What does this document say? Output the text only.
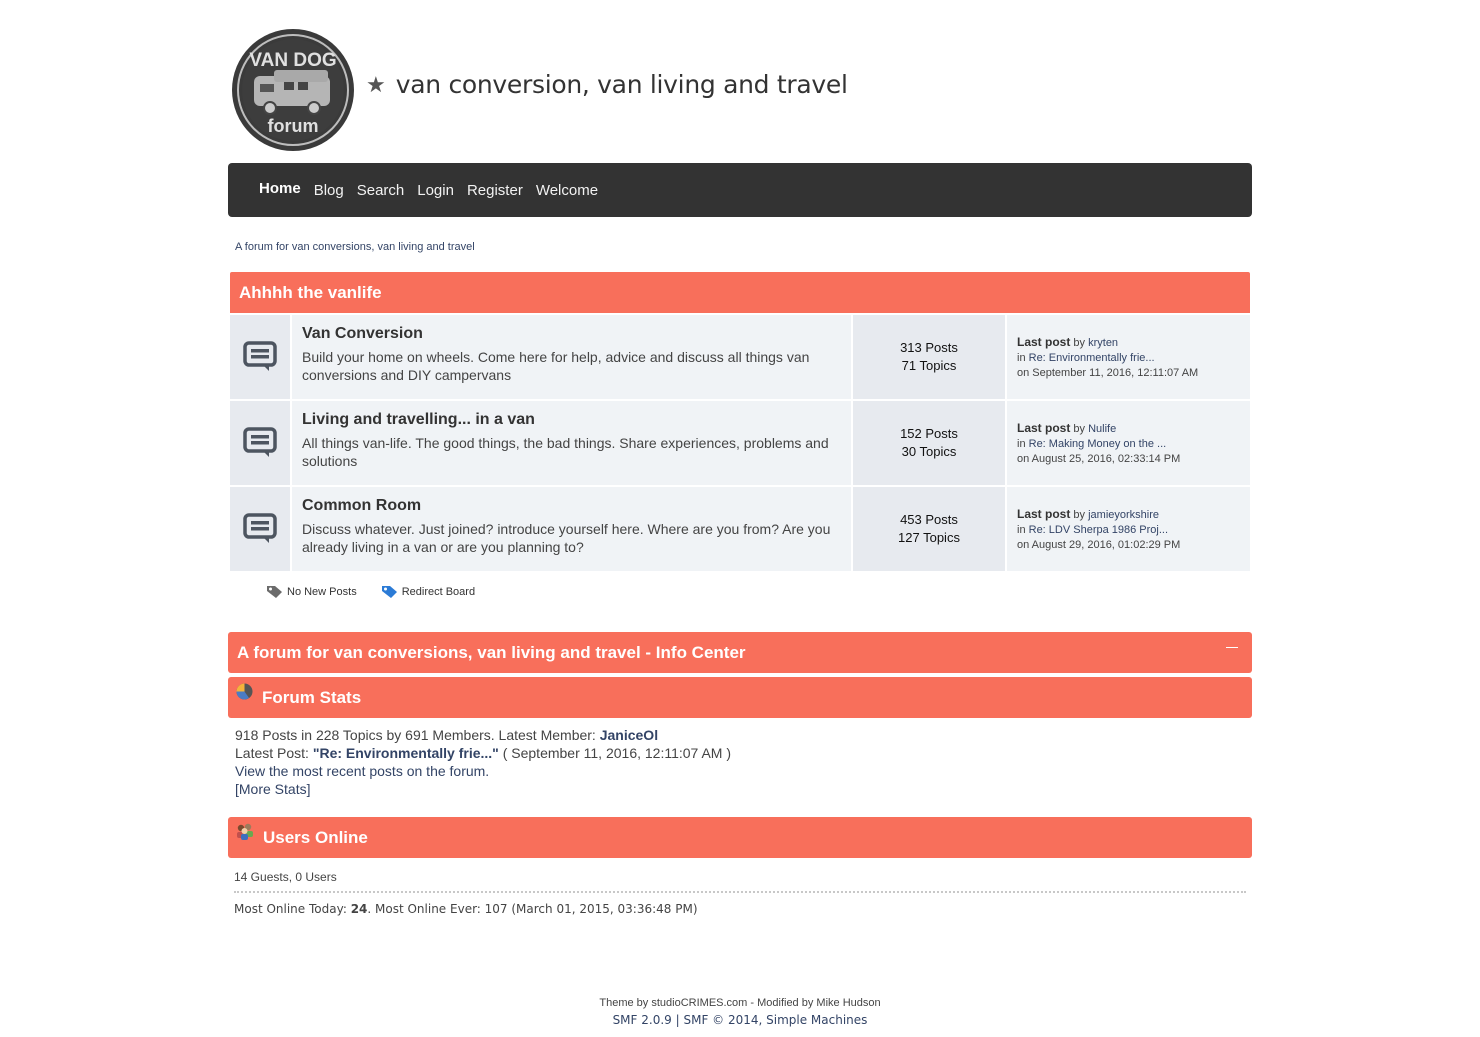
VAN DOG
forum
★ van conversion, van living and travel
Home Blog Search Login Register Welcome
A forum for van conversions, van living and travel
Ahhhh the vanlife
Van Conversion

Build your home on wheels. Come here for help, advice and discuss all things van conversions and DIY campervans

313 Posts
71 Topics
Last post by kryten
in Re: Environmentally frie...
on September 11, 2016, 12:11:07 AM
Living and travelling... in a van

All things van-life. The good things, the bad things. Share experiences, problems and solutions

152 Posts
30 Topics
Last post by Nulife
in Re: Making Money on the ...
on August 25, 2016, 02:33:14 PM
Common Room

Discuss whatever. Just joined? introduce yourself here. Where are you from? Are you already living in a van or are you planning to?

453 Posts
127 Topics
Last post by jamieyorkshire
in Re: LDV Sherpa 1986 Proj...
on August 29, 2016, 01:02:29 PM
No New Posts	Redirect Board
A forum for van conversions, van living and travel - Info Center
Forum Stats
918 Posts in 228 Topics by 691 Members. Latest Member: JaniceOl
Latest Post: "Re: Environmentally frie..." ( September 11, 2016, 12:11:07 AM )
View the most recent posts on the forum.
[More Stats]
Users Online
14 Guests, 0 Users
Most Online Today: 24. Most Online Ever: 107 (March 01, 2015, 03:36:48 PM)
Theme by studioCRIMES.com - Modified by Mike Hudson
SMF 2.0.9 | SMF © 2014, Simple Machines
